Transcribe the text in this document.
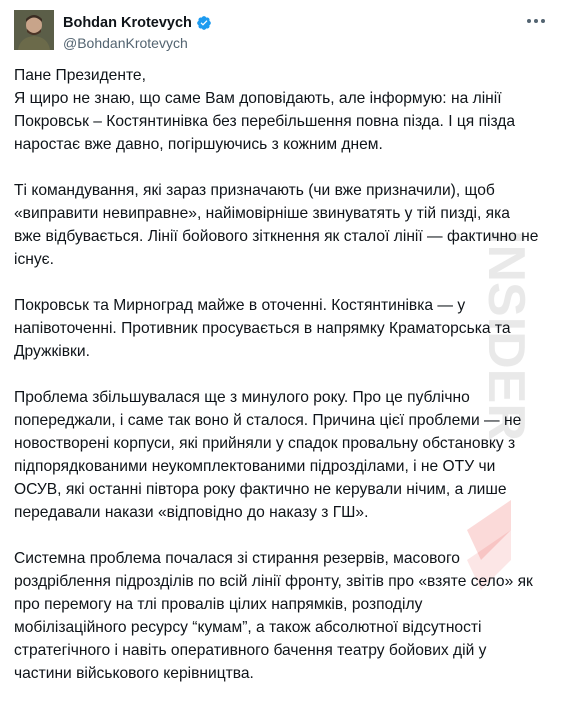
INSIDER
Bohdan Krotevych
@BohdanKrotevych

Пане Президенте,
Я щиро не знаю, що саме Вам доповідають, але інформую: на лінії
Покровськ – Костянтинівка без перебільшення повна пізда. І ця пізда
наростає вже давно, погіршуючись з кожним днем.

Ті командування, які зараз призначають (чи вже призначили), щоб
«виправити невиправне», найімовірніше звинуватять у тій пизді, яка
вже відбувається. Лінії бойового зіткнення як сталої лінії — фактично не
існує.

Покровськ та Мирноград майже в оточенні. Костянтинівка — у
напівоточенні. Противник просувається в напрямку Краматорська та
Дружківки.

Проблема збільшувалася ще з минулого року. Про це публічно
попереджали, і саме так воно й сталося. Причина цієї проблеми — не
новостворені корпуси, які прийняли у спадок провальну обстановку з
підпорядкованими неукомплектованими підрозділами, і не ОТУ чи
ОСУВ, які останні півтора року фактично не керували нічим, а лише
передавали накази «відповідно до наказу з ГШ».

Системна проблема почалася зі стирання резервів, масового
роздріблення підрозділів по всій лінії фронту, звітів про «взяте село» як
про перемогу на тлі провалів цілих напрямків, розподілу
мобілізаційного ресурсу “кумам”, а також абсолютної відсутності
стратегічного і навіть оперативного бачення театру бойових дій у
частини військового керівництва.
